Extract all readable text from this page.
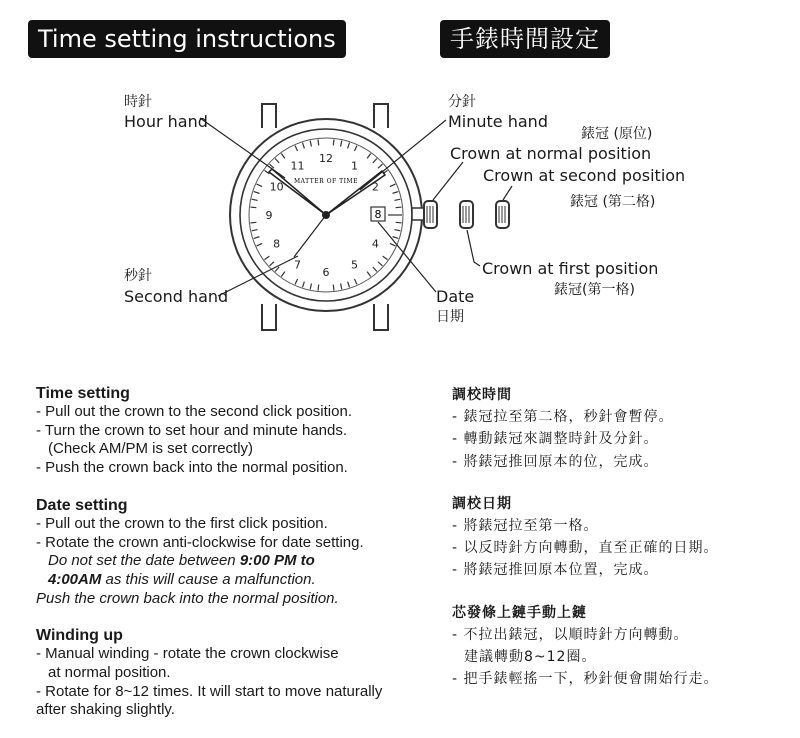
Time setting instructions	手錶時間設定
12
1
2
4
5
6
7
8
9
10
11
MATTER OF TIME
8
時針
Hour hand
分針
Minute hand
錶冠 (原位)
Crown at normal position
Crown at second position
錶冠 (第二格)
Crown at first position
錶冠(第一格)
秒針
Second hand	Date
日期
Time setting

- Pull out the crown to the second click position.

- Turn the crown to set hour and minute hands.

(Check AM/PM is set correctly)

- Push the crown back into the normal position.

Date setting

- Pull out the crown to the first click position.

- Rotate the crown anti-clockwise for date setting.

Do not set the date between 9:00 PM to

4:00AM as this will cause a malfunction.

Push the crown back into the normal position.

Winding up

- Manual winding - rotate the crown clockwise

at normal position.

- Rotate for 8~12 times. It will start to move naturally

after shaking slightly.

調校時間

- 錶冠拉至第二格，秒針會暫停。

- 轉動錶冠來調整時針及分針。

- 將錶冠推回原本的位，完成。

調校日期

- 將錶冠拉至第一格。

- 以反時針方向轉動，直至正確的日期。

- 將錶冠推回原本位置，完成。

芯發條上鏈手動上鏈

- 不拉出錶冠，以順時針方向轉動。

建議轉動8~12圈。

- 把手錶輕搖一下，秒針便會開始行走。
